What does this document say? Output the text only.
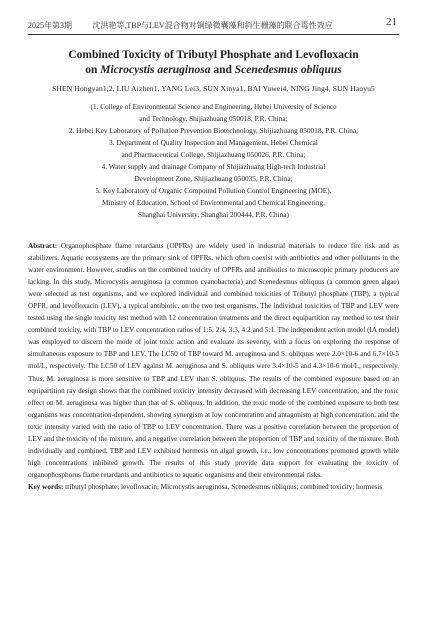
2025年第3期	沈洪艳等,TBP与LEV混合物对铜绿微囊藻和斜生栅藻的联合毒性效应	21
Combined Toxicity of Tributyl Phosphate and Levofloxacin
on Microcystis aeruginosa and Scenedesmus obliquus
SHEN Hongyan1,2, LIU Aizhen1, YANG Lei3, SUN Xinya1, BAI Yuwei4, NING Jing4, SUN Haoyu5
(1. College of Environmental Science and Engineering, Hebei University of Science
and Technology, Shijiazhuang 050018, P.R. China;
2. Hebei Key Laboratory of Pollution Prevention Biotechnology, Shijiazhuang 050018, P.R. China;
3. Department of Quality Inspection and Management, Hebei Chemical
and Pharmaceutical College, Shijiazhuang 050026, P.R. China;
4. Water supply and drainage Company of Shijiazhuang High-tech Industrial
Development Zone, Shijiazhuang 050035, P.R. China;
5. Key Laboratory of Organic Compound Pollution Control Engineering (MOE),
Ministry of Education, School of Environmental and Chemical Engineering,
Shanghai University, Shanghai 200444, P.R. China)

Abstract: Organophosphate flame retardants (OPFRs) are widely used in industrial materials to reduce fire risk and as stabilizers. Aquatic ecosystems are the primary sink of OPFRs, which often coexist with antibiotics and other pollutants in the water environment. However, studies on the combined toxicity of OPFRs and antibiotics to microscopic primary producers are lacking. In this study, Microcystis aeruginosa (a common cyanobacteria) and Scenedesmus obliquus (a common green algae) were selected as test organisms, and we explored individual and combined toxicities of Tributyl phosphate (TBP), a typical OPFR, and levofloxacin (LEV), a typical antibiotic, on the two test organisms. The individual toxicities of TBP and LEV were tested using the single toxicity test method with 12 concentration treatments and the direct equipartition ray method to test their combined toxicity, with TBP to LEV concentration ratios of 1:5, 2:4, 3:3, 4:2 and 5:1. The independent action model (IA model) was employed to discern the mode of joint toxic action and evaluate its severity, with a focus on exploring the response of simultaneous exposure to TBP and LEV. The LC50 of TBP toward M. aeruginosa and S. obliquus were 2.0×10-6 and 6.7×10-5 mol/L, respectively. The LC50 of LEV against M. aeruginosa and S. obliquus were 3.4×10-5 and 4.3×10-6 mol/L, respectively. Thus, M. aeruginosa is more sensitive to TBP and LEV than S. obliquus. The results of the combined exposure based on an equipartition ray design shows that the combined toxicity intensity decreased with decreasing LEV concentration, and the toxic effect on M. aeruginosa was higher than that of S. obliquus. In addition, the toxic mode of the combined exposure to both test organisms was concentration-dependent, showing synergism at low concentration and antagonism at high concentration, and the toxic intensity varied with the ratio of TBP to LEV concentration. There was a positive correlation between the proportion of LEV and the toxicity of the mixture, and a negative correlation between the proportion of TBP and toxicity of the mixture. Both individually and combined, TBP and LEV exhibited hormesis on algal growth, i.e., low concentrations promoted growth while high concentrations inhibited growth. The results of this study provide data support for evaluating the toxicity of organophosphorus flame retardants and antibiotics to aquatic organisms and their environmental risks.

Key words: tributyl phosphate; levofloxacin; Microcystis aeruginosa, Scenedesmus obliquus; combined toxicity; hormesis
